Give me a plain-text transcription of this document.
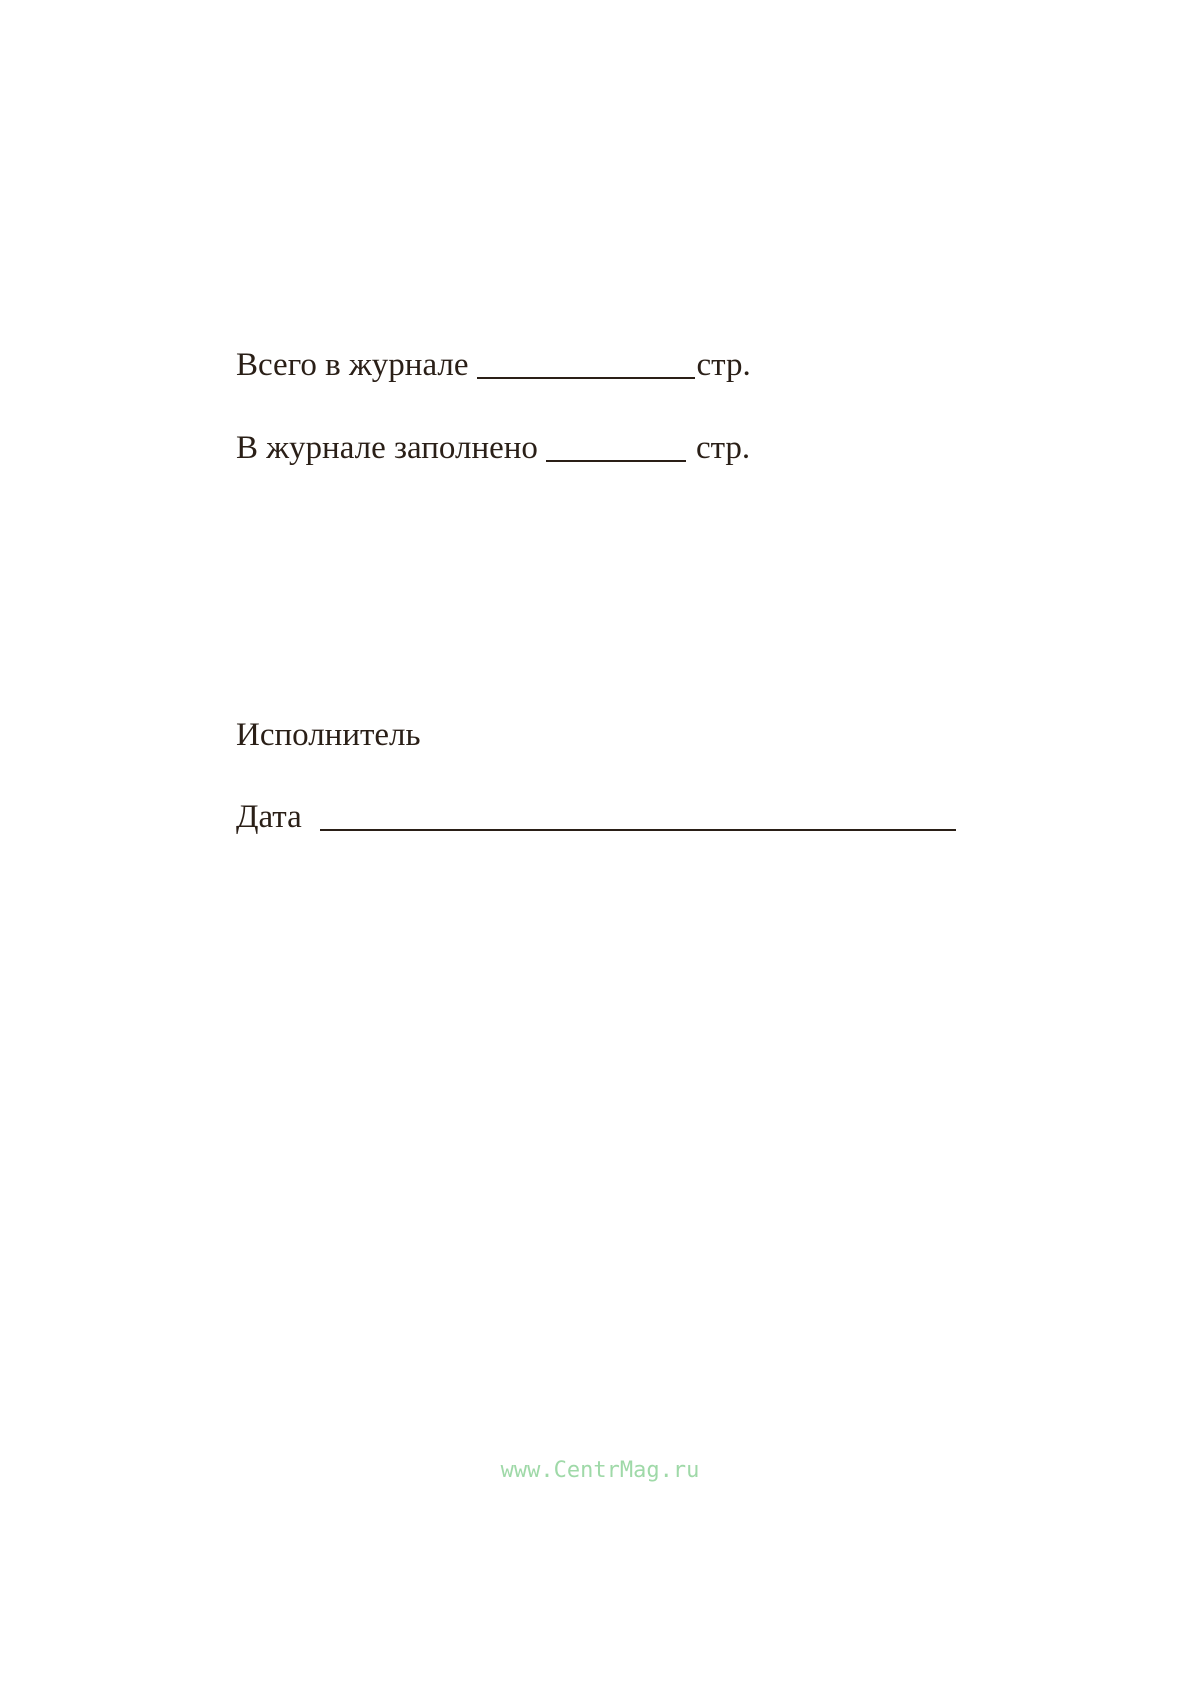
Всего в журнале	стр.
В журнале заполнено	стр.
Исполнитель
Дата
www.CentrMag.ru
